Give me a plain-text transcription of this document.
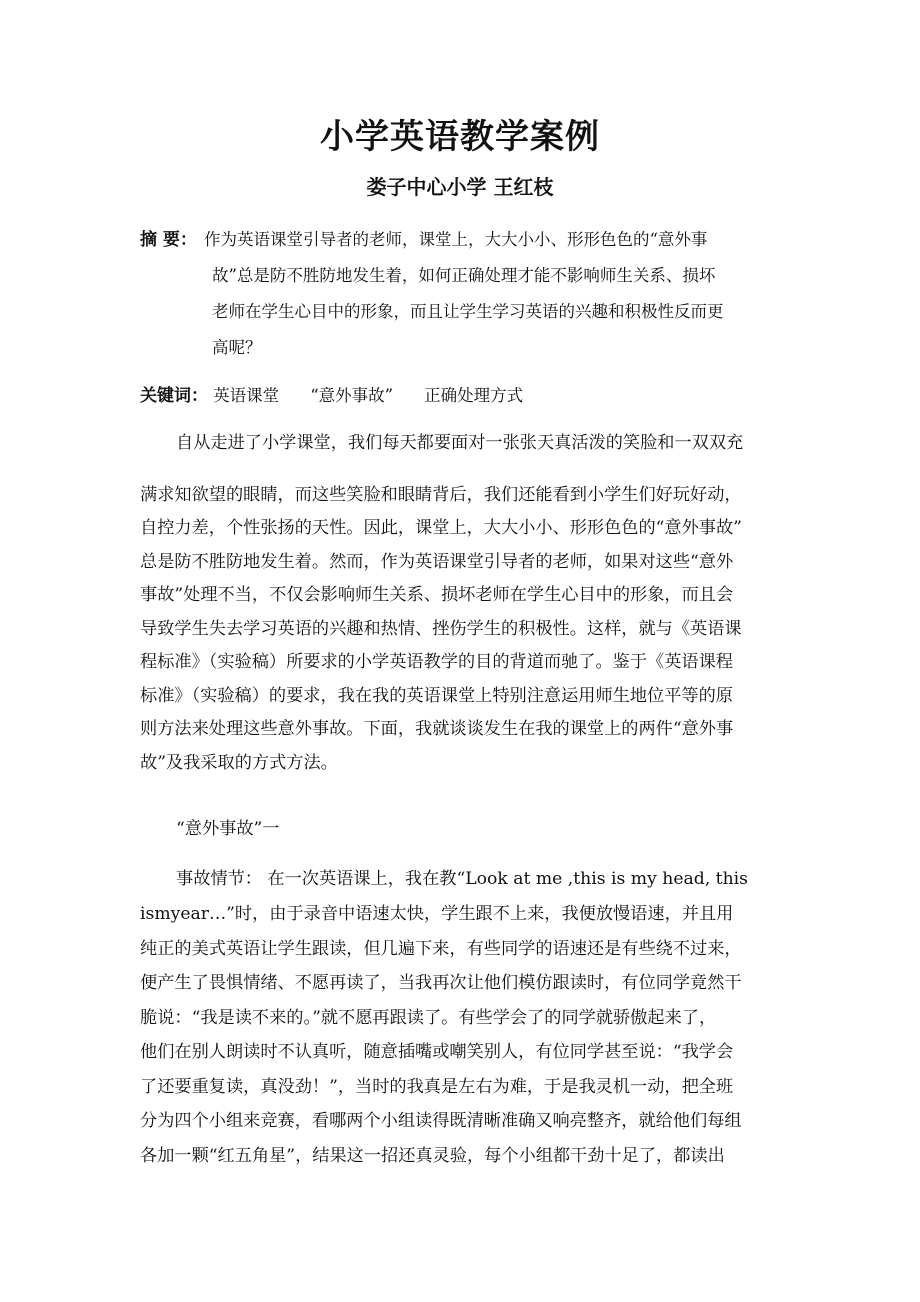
小学英语教学案例
娄子中心小学 王红枝
摘 要： 作为英语课堂引导者的老师，课堂上，大大小小、形形色色的“意外事
故”总是防不胜防地发生着，如何正确处理才能不影响师生关系、损坏
老师在学生心目中的形象，而且让学生学习英语的兴趣和积极性反而更
高呢？
关键词： 英语课堂 “意外事故” 正确处理方式
自从走进了小学课堂，我们每天都要面对一张张天真活泼的笑脸和一双双充
满求知欲望的眼睛，而这些笑脸和眼睛背后，我们还能看到小学生们好玩好动，
自控力差，个性张扬的天性。因此，课堂上，大大小小、形形色色的“意外事故”
总是防不胜防地发生着。然而，作为英语课堂引导者的老师，如果对这些“意外
事故”处理不当，不仅会影响师生关系、损坏老师在学生心目中的形象，而且会
导致学生失去学习英语的兴趣和热情、挫伤学生的积极性。这样，就与《英语课
程标准》（实验稿）所要求的小学英语教学的目的背道而驰了。鉴于《英语课程
标准》（实验稿）的要求，我在我的英语课堂上特别注意运用师生地位平等的原
则方法来处理这些意外事故。下面，我就谈谈发生在我的课堂上的两件“意外事
故”及我采取的方式方法。
“意外事故”一
事故情节： 在一次英语课上，我在教“Look at me ,this is my head, this
ismyear…”时，由于录音中语速太快，学生跟不上来，我便放慢语速，并且用
纯正的美式英语让学生跟读，但几遍下来，有些同学的语速还是有些绕不过来，
便产生了畏惧情绪、不愿再读了，当我再次让他们模仿跟读时，有位同学竟然干
脆说：“我是读不来的。”就不愿再跟读了。有些学会了的同学就骄傲起来了，
他们在别人朗读时不认真听，随意插嘴或嘲笑别人，有位同学甚至说：“我学会
了还要重复读，真没劲！”，当时的我真是左右为难，于是我灵机一动，把全班
分为四个小组来竞赛，看哪两个小组读得既清晰准确又响亮整齐，就给他们每组
各加一颗“红五角星”，结果这一招还真灵验，每个小组都干劲十足了，都读出
